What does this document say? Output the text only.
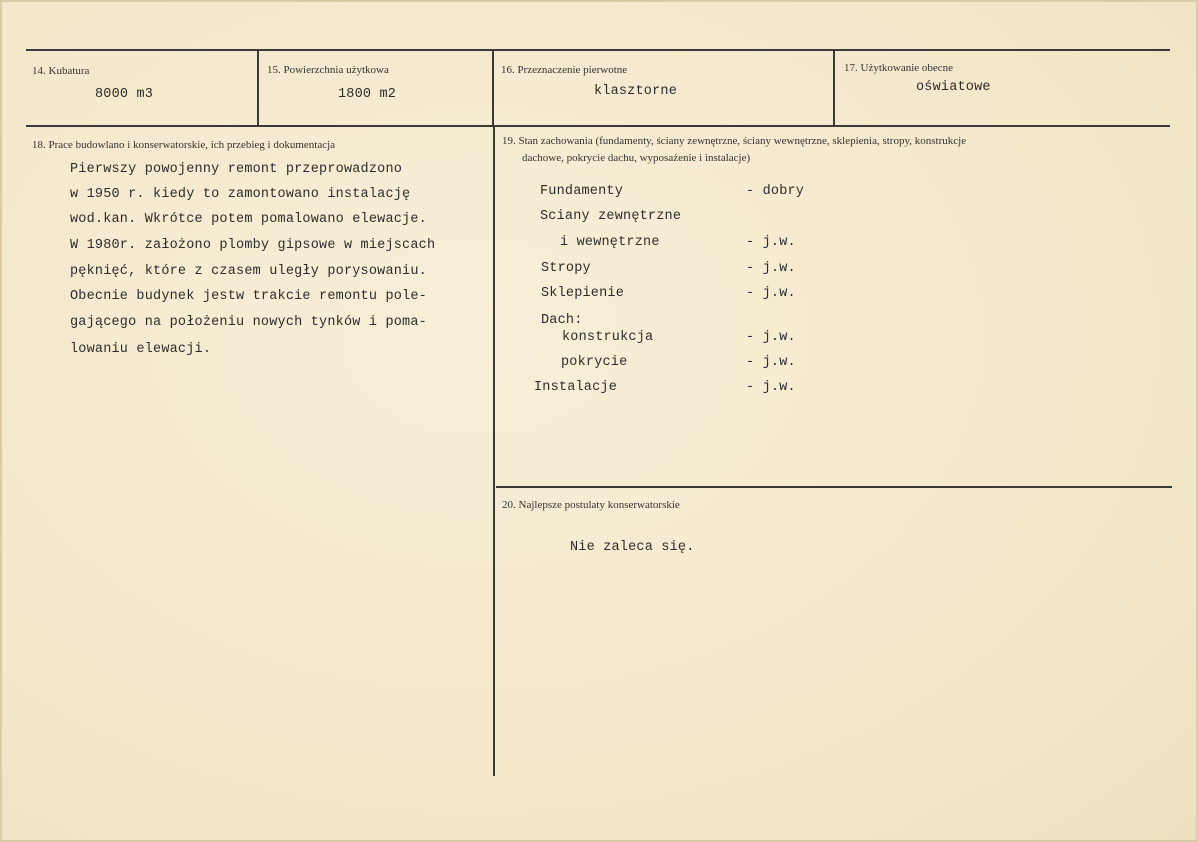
14. Kubatura
8000 m3
15. Powierzchnia użytkowa
1800 m2
16. Przeznaczenie pierwotne
klasztorne
17. Użytkowanie obecne
oświatowe
18. Prace budowlano i konserwatorskie, ich przebieg i dokumentacja
Pierwszy powojenny remont przeprowadzono
w 1950 r. kiedy to zamontowano instalację
wod.kan. Wkrótce potem pomalowano elewacje.
W 1980r. założono plomby gipsowe w miejscach
pęknięć, które z czasem uległy porysowaniu.
Obecnie budynek jestw trakcie remontu pole-
gającego na położeniu nowych tynków i poma-
lowaniu elewacji.
19. Stan zachowania (fundamenty, ściany zewnętrzne, ściany wewnętrzne, sklepienia, stropy, konstrukcje
dachowe, pokrycie dachu, wyposażenie i instalacje)
Fundamenty	- dobry
Sciany zewnętrzne
i wewnętrzne	- j.w.
Stropy	- j.w.
Sklepienie	- j.w.
Dach:
konstrukcja	- j.w.
pokrycie	- j.w.
Instalacje	- j.w.
20. Najlepsze postulaty konserwatorskie
Nie zaleca się.
